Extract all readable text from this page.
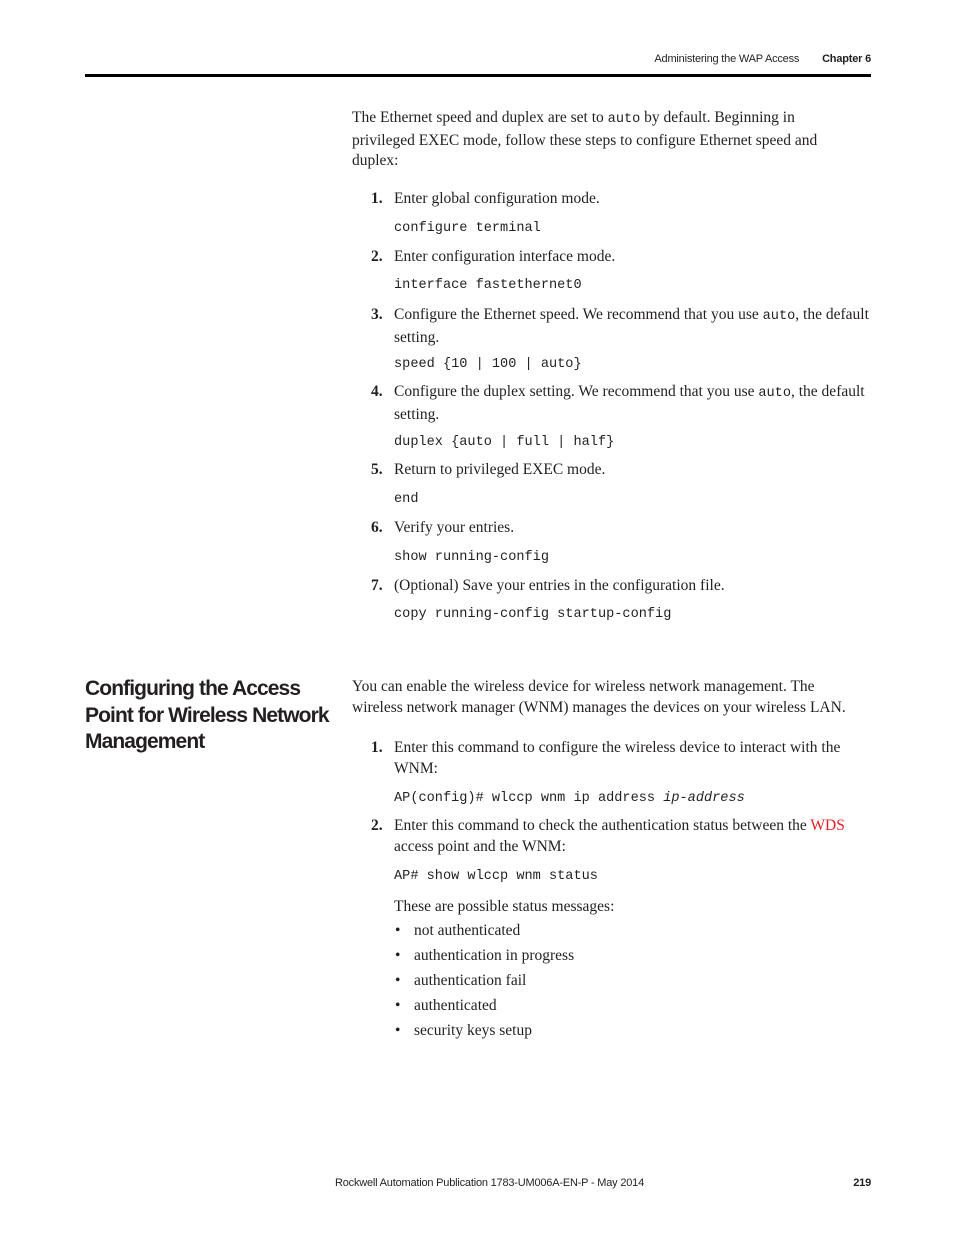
Administering the WAP Access Chapter 6

The Ethernet speed and duplex are set to auto by default. Beginning in privileged EXEC mode, follow these steps to configure Ethernet speed and duplex:

1. Enter global configuration mode.
configure terminal
2. Enter configuration interface mode.
interface fastethernet0
3. Configure the Ethernet speed. We recommend that you use auto, the default setting.
speed {10 | 100 | auto}
4. Configure the duplex setting. We recommend that you use auto, the default setting.
duplex {auto | full | half}
5. Return to privileged EXEC mode.
end
6. Verify your entries.
show running-config
7. (Optional) Save your entries in the configuration file.
copy running-config startup-config
Configuring the Access Point for Wireless Network Management

You can enable the wireless device for wireless network management. The wireless network manager (WNM) manages the devices on your wireless LAN.

1. Enter this command to configure the wireless device to interact with the WNM:
AP(config)# wlccp wnm ip address ip-address
2. Enter this command to check the authentication status between the WDS access point and the WNM:
AP# show wlccp wnm status
These are possible status messages:
• not authenticated
• authentication in progress
• authentication fail
• authenticated
• security keys setup
Rockwell Automation Publication 1783-UM006A-EN-P - May 2014	219
